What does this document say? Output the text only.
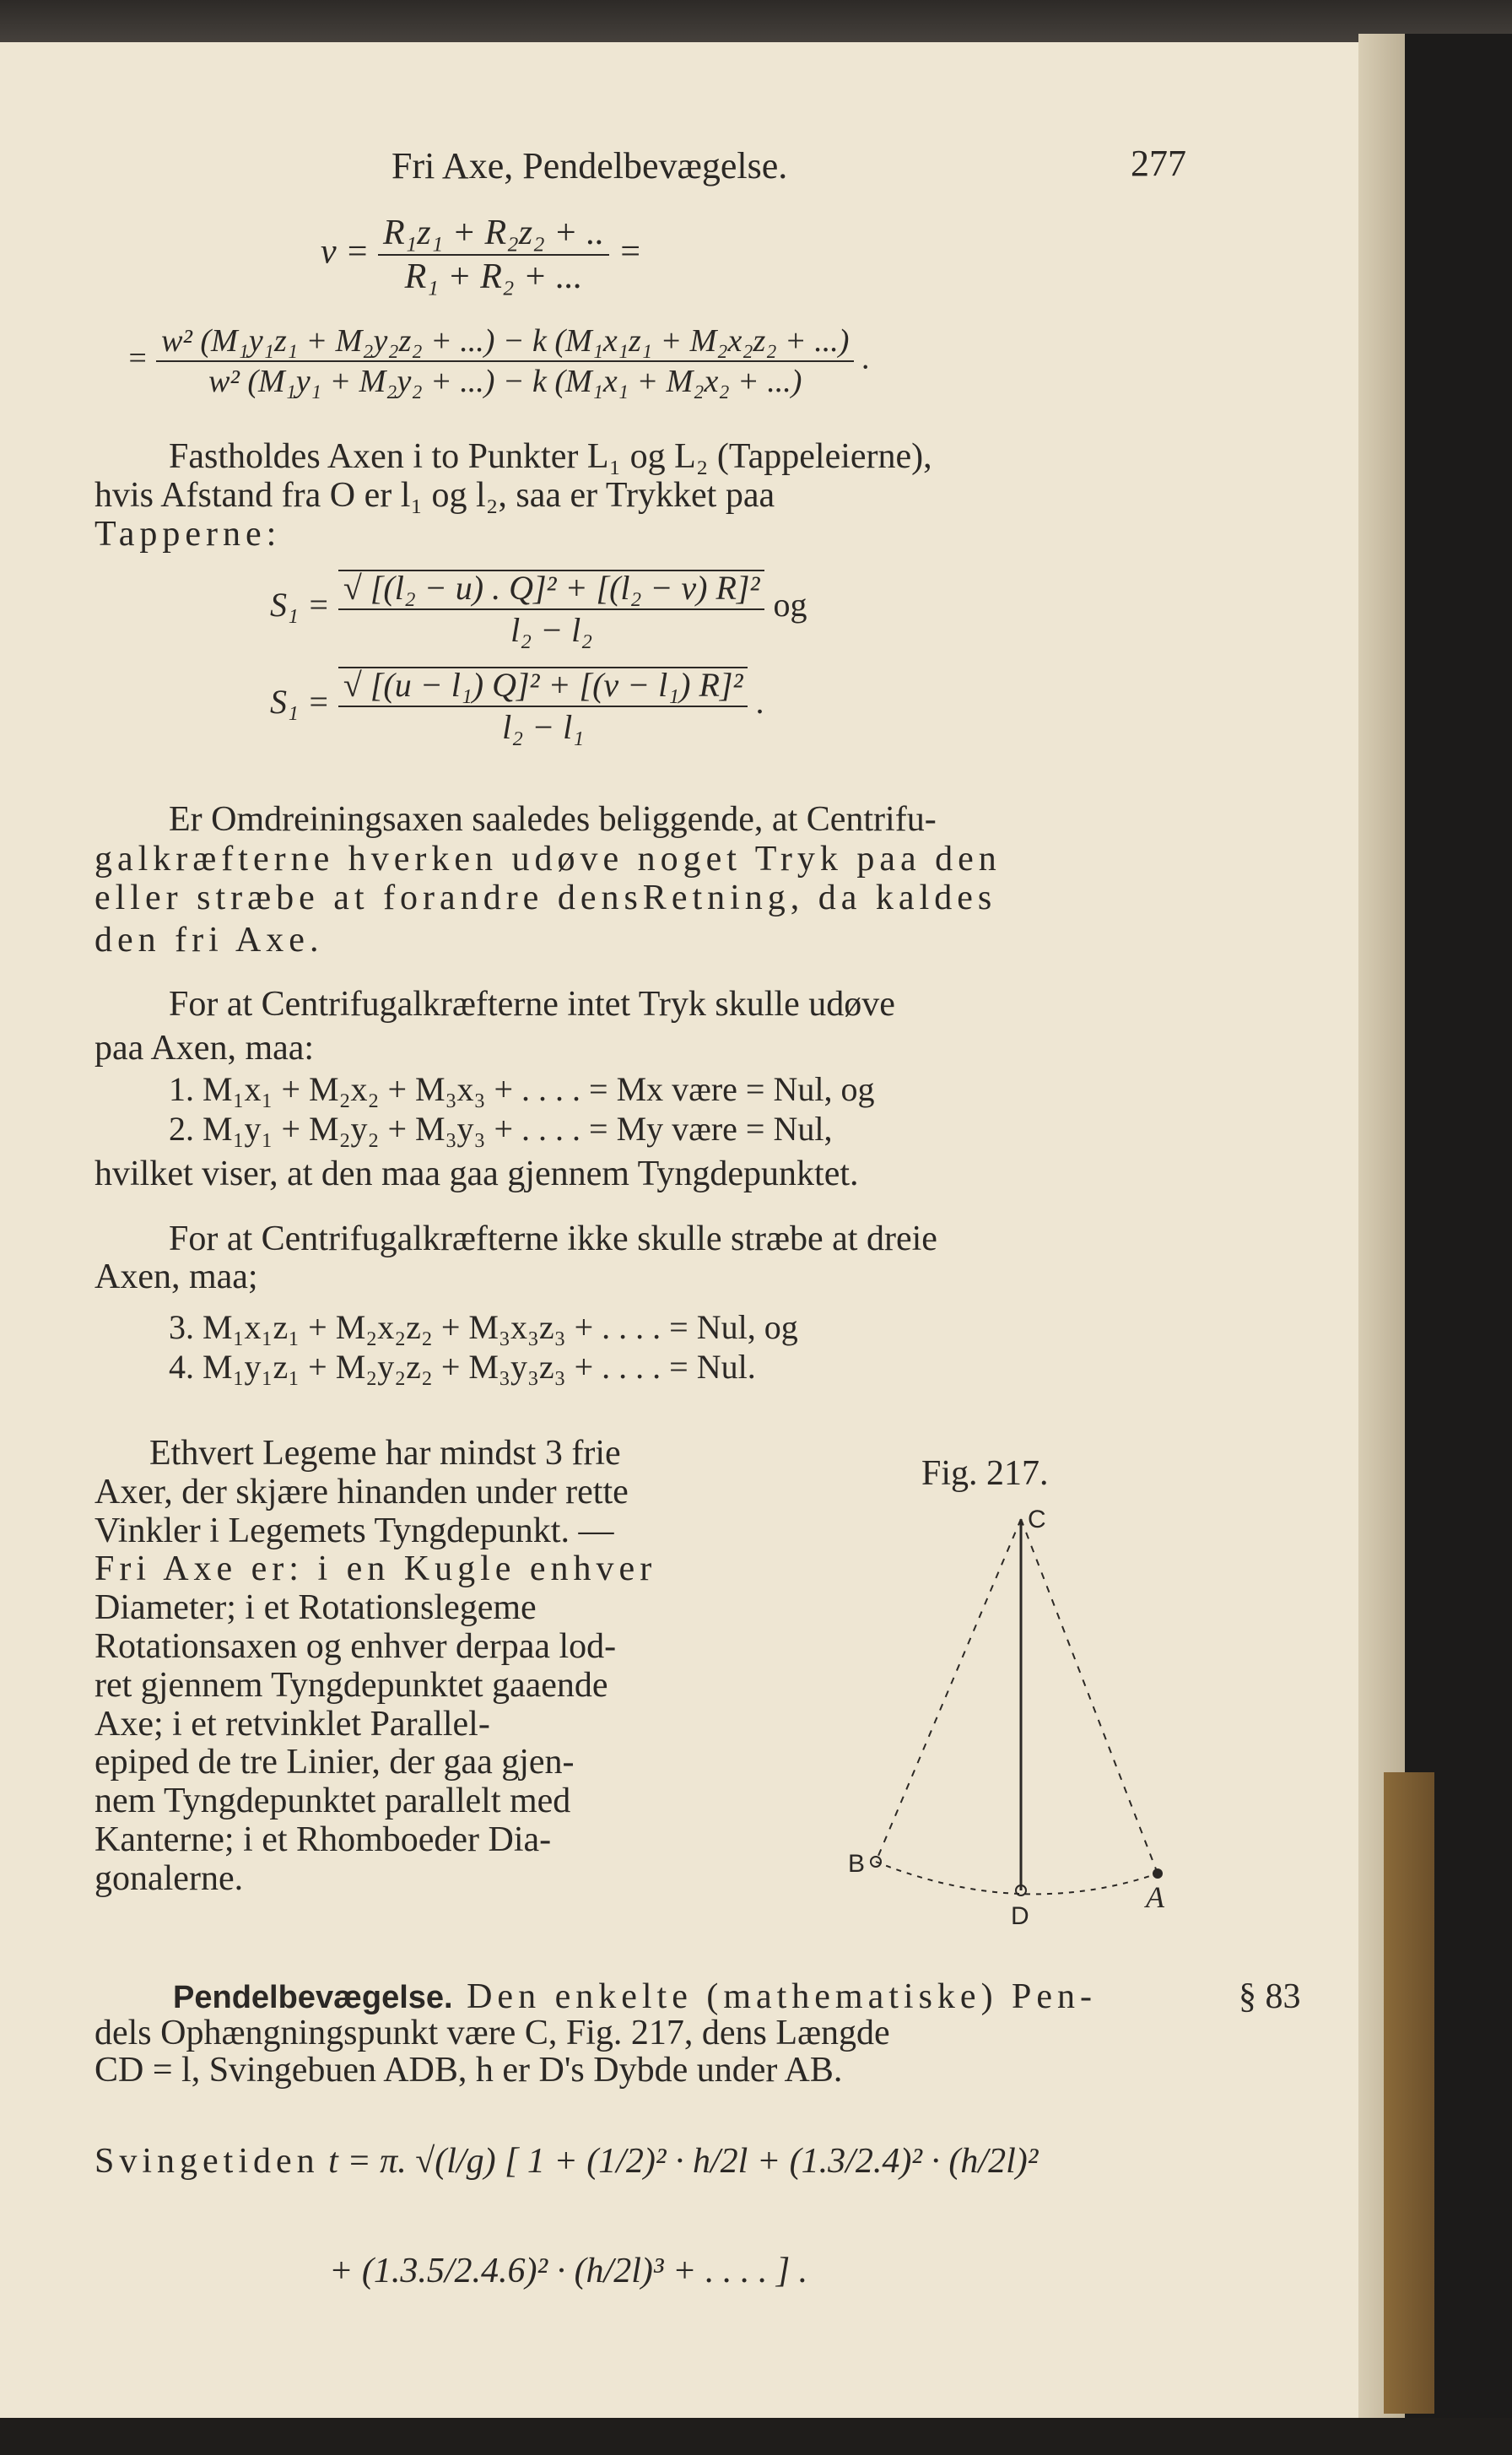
Fri Axe, Pendelbevægelse.	277
$v = \frac{\text{R₁z₁ + R₂z₂ + ..}}{\text{R₁ + R₂ + ...}}$ =
= $\frac{\text{w² (M₁y₁z₁ + M₂y₂z₂ + ...) − k (M₁x₁z₁ + M₂x₂z₂ + ...)}}{\text{w² (M₁y₁ + M₂y₂ + ...) − k (M₁x₁ + M₂x₂ + ...)}}$ .
Fastholdes Axen i to Punkter L₁ og L₂ (Tappeleierne),
hvis Afstand fra O er l₁ og l₂, saa er Trykket paa
Tapperne:
$S_1 = \frac{\text{√ [(l₂ − u) . Q]² + [(l₂ − v) R]²}}{\text{l₂ − l₂}}$ og
$S_1 = \frac{\text{√ [(u − l₁) Q]² + [(v − l₁) R]²}}{\text{l₂ − l₁}}$ .
Er Omdreiningsaxen saaledes beliggende, at Centrifu-
galkræfterne hverken udøve noget Tryk paa den
eller stræbe at forandre densRetning, da kaldes
den fri Axe.
For at Centrifugalkræfterne intet Tryk skulle udøve
paa Axen, maa:
1. M₁x₁ + M₂x₂ + M₃x₃ + . . . . = Mx være = Nul, og
2. M₁y₁ + M₂y₂ + M₃y₃ + . . . . = My være = Nul,
hvilket viser, at den maa gaa gjennem Tyngdepunktet.
For at Centrifugalkræfterne ikke skulle stræbe at dreie
Axen, maa;
3. M₁x₁z₁ + M₂x₂z₂ + M₃x₃z₃ + . . . . = Nul, og
4. M₁y₁z₁ + M₂y₂z₂ + M₃y₃z₃ + . . . . = Nul.
Ethvert Legeme har mindst 3 frie
Axer, der skjære hinanden under rette
Vinkler i Legemets Tyngdepunkt. —
Fri Axe er: i en Kugle enhver
Diameter; i et Rotationslegeme
Rotationsaxen og enhver derpaa lod-
ret gjennem Tyngdepunktet gaaende
Axe; i et retvinklet Parallel-
epiped de tre Linier, der gaa gjen-
nem Tyngdepunktet parallelt med
Kanterne; i et Rhomboeder Dia-
gonalerne.
Fig. 217.
C
B
D
A
Pendelbevægelse. Den enkelte (mathematiske) Pen-	§ 83
dels Ophængningspunkt være C, Fig. 217, dens Længde
CD = l, Svingebuen ADB, h er D's Dybde under AB.
Svingetiden t = π. √(l/g) [ 1 + (1/2)² · h/2l + (1.3/2.4)² · (h/2l)²
+ (1.3.5/2.4.6)² · (h/2l)³ + . . . . ] .
